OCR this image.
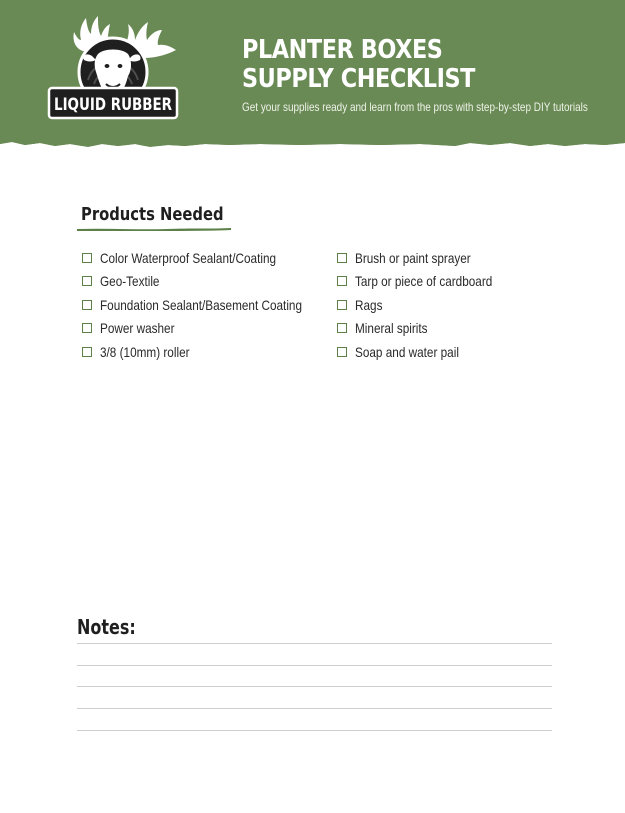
LIQUID RUBBER
PLANTER BOXES
SUPPLY CHECKLIST

Get your supplies ready and learn from the pros with step-by-step DIY tutorials

Products Needed
Color Waterproof Sealant/Coating
Geo-Textile
Foundation Sealant/Basement Coating
Power washer
3/8 (10mm) roller
Brush or paint sprayer
Tarp or piece of cardboard
Rags
Mineral spirits
Soap and water pail
Notes:
